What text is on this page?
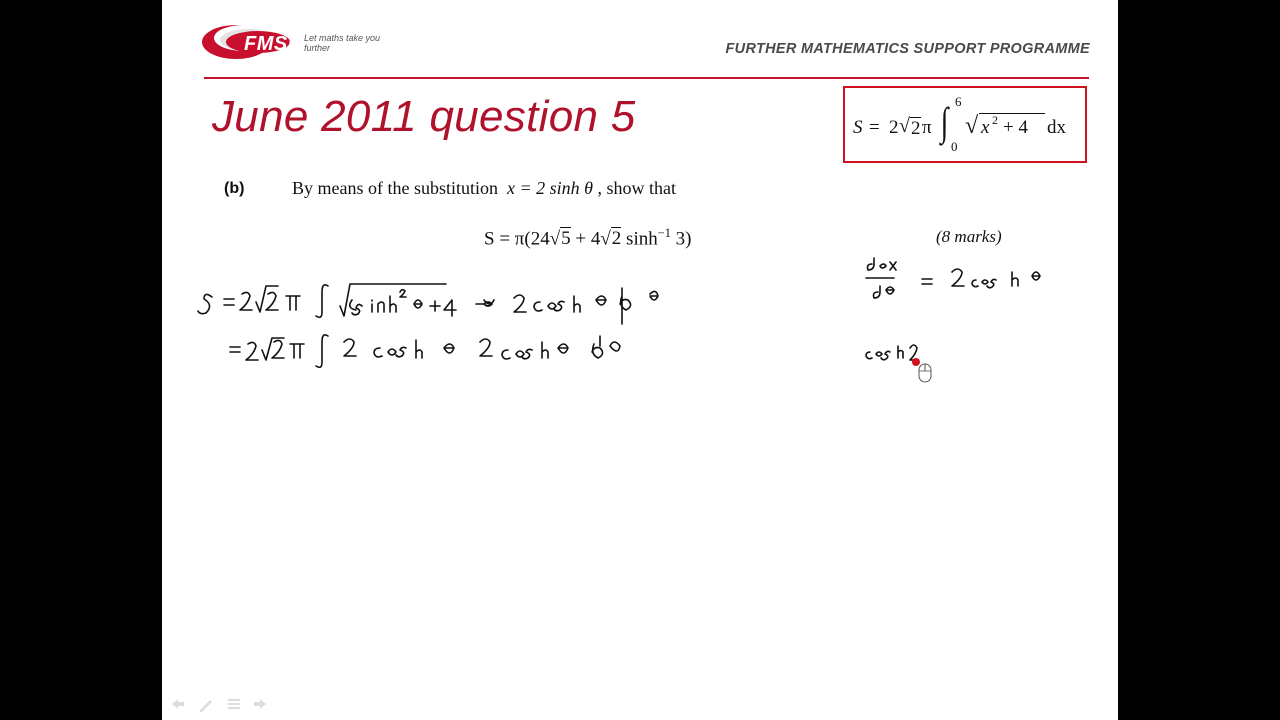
FMSP Let maths take you further	FURTHER MATHEMATICS SUPPORT PROGRAMME
June 2011 question 5	S = 2 √ 2 π ∫ 6
0
√ x 2 + 4 dx
(b)	By means of the substitution x = 2 sinh θ , show that
S = π(24√5 + 4√2 $\sinh^{-1} 3$)	(8 marks)
